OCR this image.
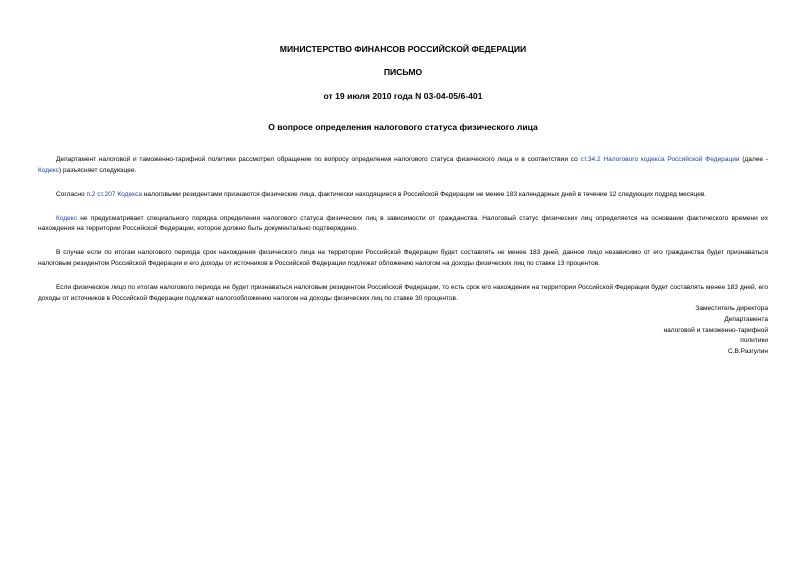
МИНИСТЕРСТВО ФИНАНСОВ РОССИЙСКОЙ ФЕДЕРАЦИИ

ПИСЬМО

от 19 июля 2010 года N 03-04-05/6-401

О вопросе определения налогового статуса физического лица

Департамент налоговой и таможенно-тарифной политики рассмотрел обращение по вопросу определения налогового статуса физического лица и в соответствии со ст.34.2 Налогового кодекса Российской Федерации (далее - Кодекс) разъясняет следующее.

Согласно п.2 ст.207 Кодекса налоговыми резидентами признаются физические лица, фактически находящиеся в Российской Федерации не менее 183 календарных дней в течение 12 следующих подряд месяцев.

Кодекс не предусматривает специального порядка определения налогового статуса физических лиц в зависимости от гражданства. Налоговый статус физических лиц определяется на основании фактического времени их нахождения на территории Российской Федерации, которое должно быть документально подтверждено.

В случае если по итогам налогового периода срок нахождения физического лица на территории Российской Федерации будет составлять не менее 183 дней, данное лицо независимо от его гражданства будет признаваться налоговым резидентом Российской Федерации и его доходы от источников в Российской Федерации подлежат обложению налогом на доходы физических лиц по ставке 13 процентов.

Если физическое лицо по итогам налогового периода не будет признаваться налоговым резидентом Российской Федерации, то есть срок его нахождения на территории Российской Федерации будет составлять менее 183 дней, его доходы от источников в Российской Федерации подлежат налогообложению налогом на доходы физических лиц по ставке 30 процентов.

Заместитель директора
Департамента
налоговой и таможенно-тарифной
политики
С.В.Разгулин
